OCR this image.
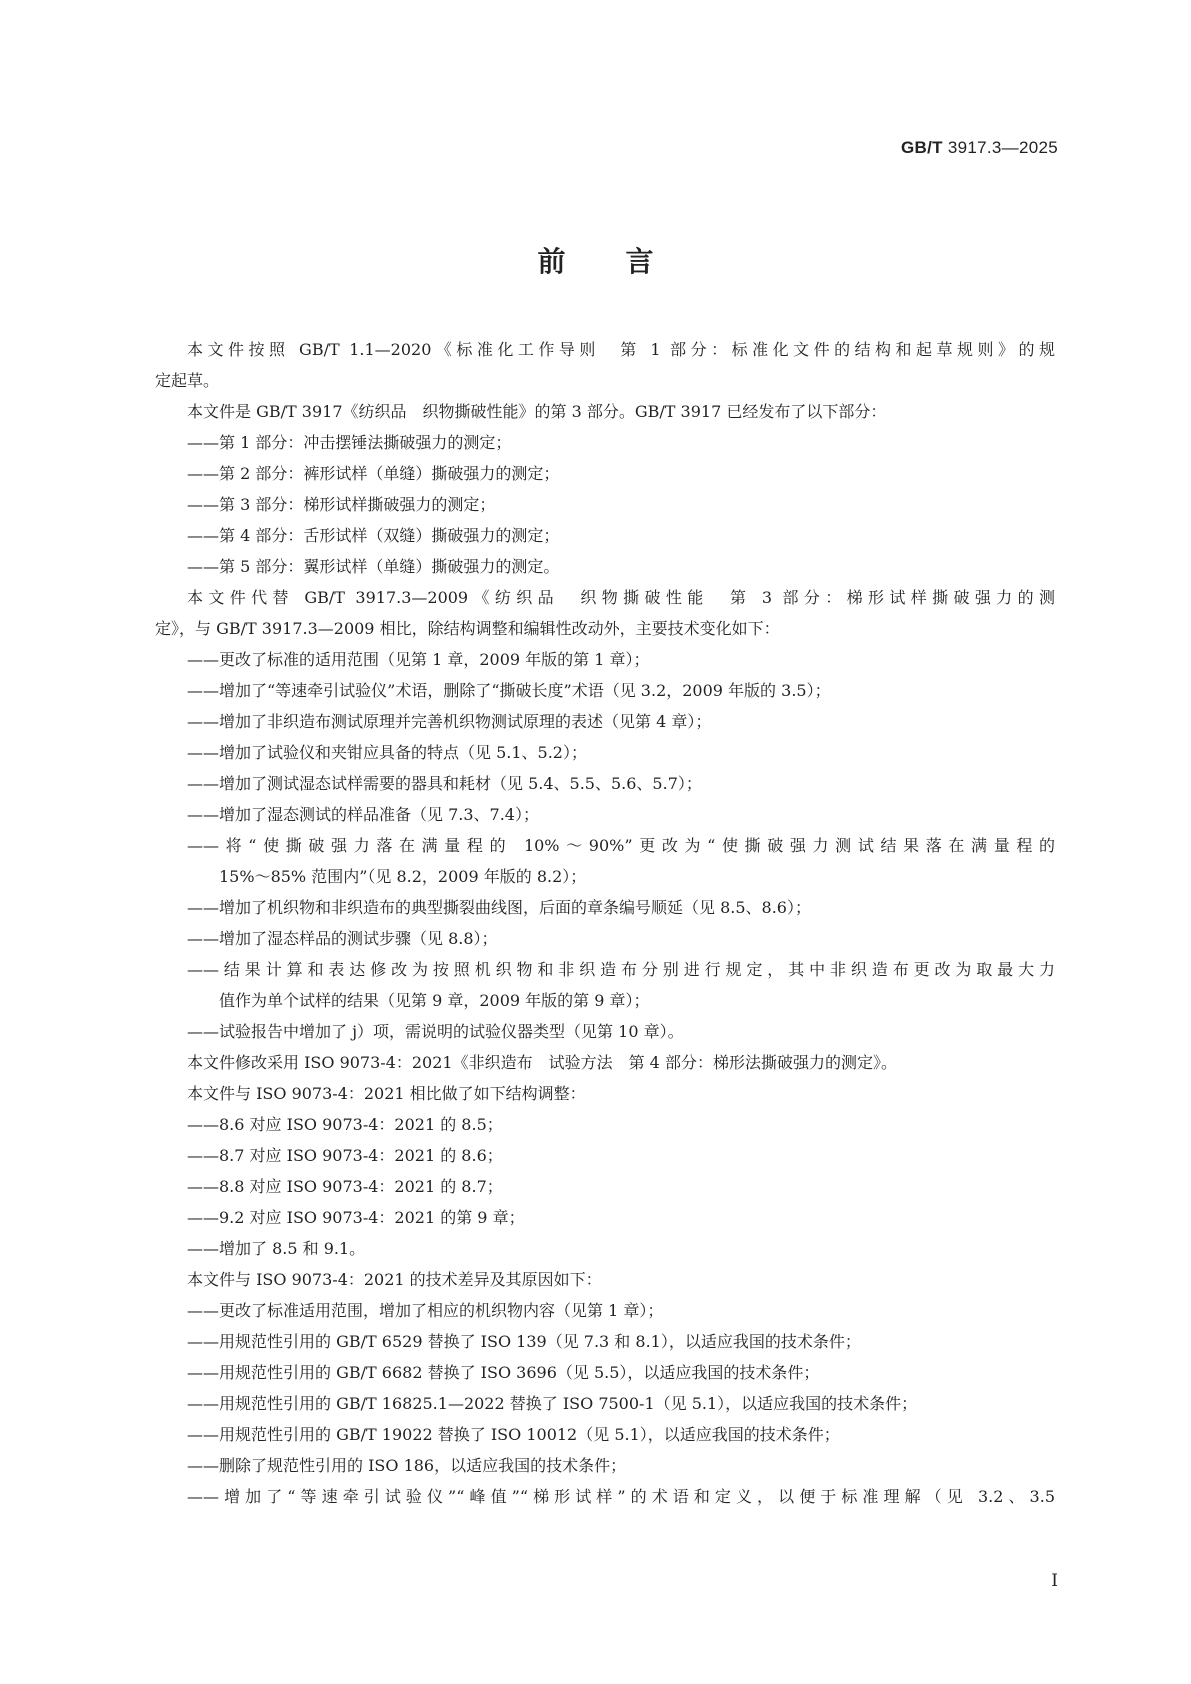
GB/T 3917.3—2025
前言
本文件按照 GB/T 1.1—2020《标准化工作导则　第 1 部分：标准化文件的结构和起草规则》的规
定起草。
本文件是 GB/T 3917《纺织品　织物撕破性能》的第 3 部分。GB/T 3917 已经发布了以下部分：
——第 1 部分：冲击摆锤法撕破强力的测定；
——第 2 部分：裤形试样（单缝）撕破强力的测定；
——第 3 部分：梯形试样撕破强力的测定；
——第 4 部分：舌形试样（双缝）撕破强力的测定；
——第 5 部分：翼形试样（单缝）撕破强力的测定。
本文件代替 GB/T 3917.3—2009《纺织品　织物撕破性能　第 3 部分：梯形试样撕破强力的测
定》，与 GB/T 3917.3—2009 相比，除结构调整和编辑性改动外，主要技术变化如下：
——更改了标准的适用范围（见第 1 章，2009 年版的第 1 章）；
——增加了“等速牵引试验仪”术语，删除了“撕破长度”术语（见 3.2，2009 年版的 3.5）；
——增加了非织造布测试原理并完善机织物测试原理的表述（见第 4 章）；
——增加了试验仪和夹钳应具备的特点（见 5.1、5.2）；
——增加了测试湿态试样需要的器具和耗材（见 5.4、5.5、5.6、5.7）；
——增加了湿态测试的样品准备（见 7.3、7.4）；
——将“使撕破强力落在满量程的 10%～90%”更改为“使撕破强力测试结果落在满量程的
15%～85% 范围内”（见 8.2，2009 年版的 8.2）；
——增加了机织物和非织造布的典型撕裂曲线图，后面的章条编号顺延（见 8.5、8.6）；
——增加了湿态样品的测试步骤（见 8.8）；
——结果计算和表达修改为按照机织物和非织造布分别进行规定，其中非织造布更改为取最大力
值作为单个试样的结果（见第 9 章，2009 年版的第 9 章）；
——试验报告中增加了 j）项，需说明的试验仪器类型（见第 10 章）。
本文件修改采用 ISO 9073-4：2021《非织造布　试验方法　第 4 部分：梯形法撕破强力的测定》。
本文件与 ISO 9073-4：2021 相比做了如下结构调整：
——8.6 对应 ISO 9073-4：2021 的 8.5；
——8.7 对应 ISO 9073-4：2021 的 8.6；
——8.8 对应 ISO 9073-4：2021 的 8.7；
——9.2 对应 ISO 9073-4：2021 的第 9 章；
——增加了 8.5 和 9.1。
本文件与 ISO 9073-4：2021 的技术差异及其原因如下：
——更改了标准适用范围，增加了相应的机织物内容（见第 1 章）；
——用规范性引用的 GB/T 6529 替换了 ISO 139（见 7.3 和 8.1），以适应我国的技术条件；
——用规范性引用的 GB/T 6682 替换了 ISO 3696（见 5.5），以适应我国的技术条件；
——用规范性引用的 GB/T 16825.1—2022 替换了 ISO 7500-1（见 5.1），以适应我国的技术条件；
——用规范性引用的 GB/T 19022 替换了 ISO 10012（见 5.1），以适应我国的技术条件；
——删除了规范性引用的 ISO 186，以适应我国的技术条件；
——增加了“等速牵引试验仪”“峰值”“梯形试样”的术语和定义，以便于标准理解（见 3.2、3.5
I
